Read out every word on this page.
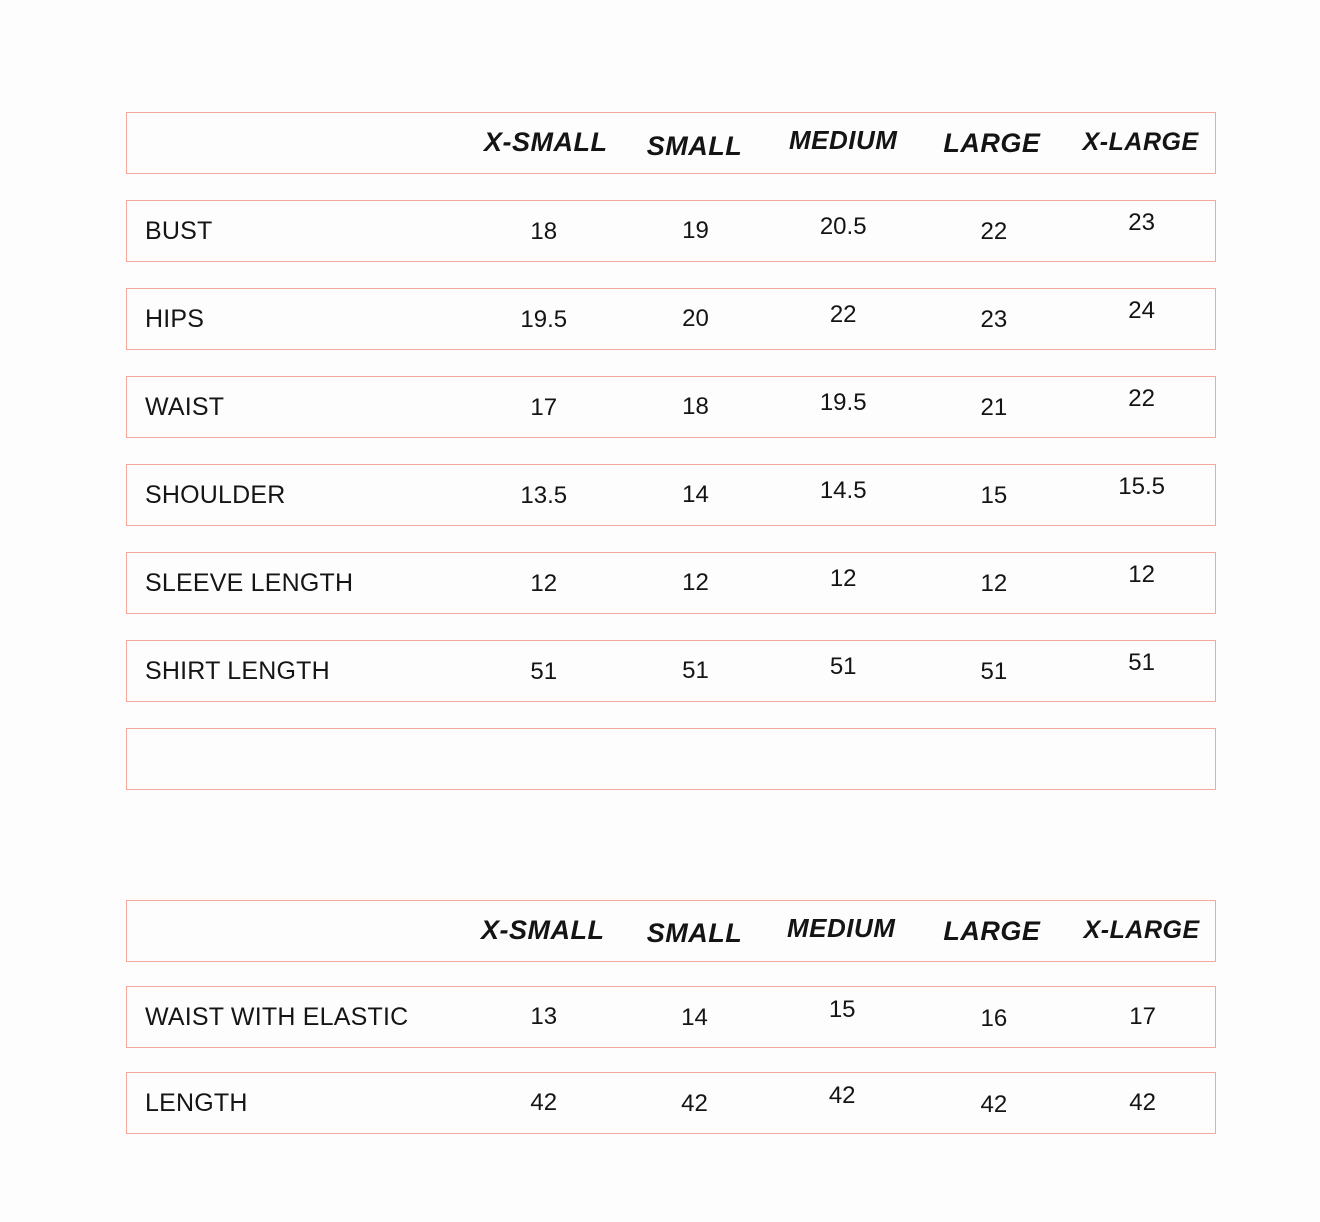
X-SMALL	SMALL	MEDIUM	LARGE	X-LARGE
BUST	18	19	20.5	22	23
HIPS	19.5	20	22	23	24
WAIST	17	18	19.5	21	22
SHOULDER	13.5	14	14.5	15	15.5
SLEEVE LENGTH	12	12	12	12	12
SHIRT LENGTH	51	51	51	51	51
X-SMALL	SMALL	MEDIUM	LARGE	X-LARGE
WAIST WITH ELASTIC	13	14	15	16	17
LENGTH	42	42	42	42	42
